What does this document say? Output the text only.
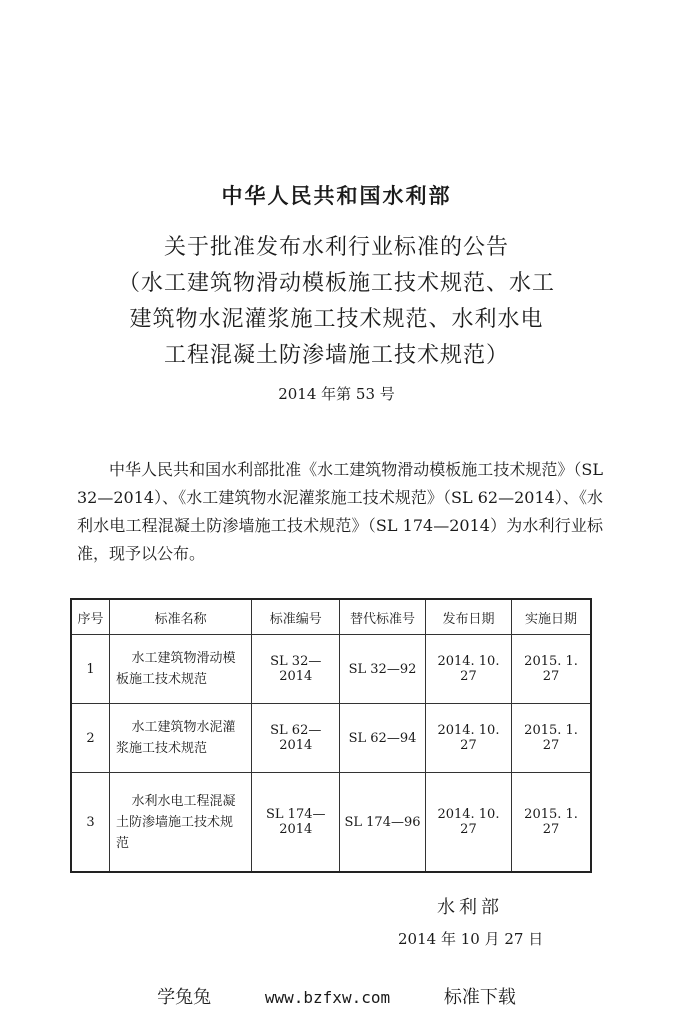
中华人民共和国水利部
关于批准发布水利行业标准的公告
（水工建筑物滑动模板施工技术规范、水工
建筑物水泥灌浆施工技术规范、水利水电
工程混凝土防渗墙施工技术规范）
2014 年第 53 号
中华人民共和国水利部批准《水工建筑物滑动模板施工技术规范》（SL 32—2014）、《水工建筑物水泥灌浆施工技术规范》（SL 62—2014）、《水利水电工程混凝土防渗墙施工技术规范》（SL 174—2014）为水利行业标准，现予以公布。
序号	标准名称	标准编号	替代标准号	发布日期	实施日期
1	水工建筑物滑动模板施工技术规范	SL 32—2014	SL 32—92	2014. 10. 27	2015. 1. 27
2	水工建筑物水泥灌浆施工技术规范	SL 62—2014	SL 62—94	2014. 10. 27	2015. 1. 27
3	水利水电工程混凝土防渗墙施工技术规范	SL 174—2014	SL 174—96	2014. 10. 27	2015. 1. 27
水利部
2014 年 10 月 27 日
学兔兔	www.bzfxw.com	标准下载
